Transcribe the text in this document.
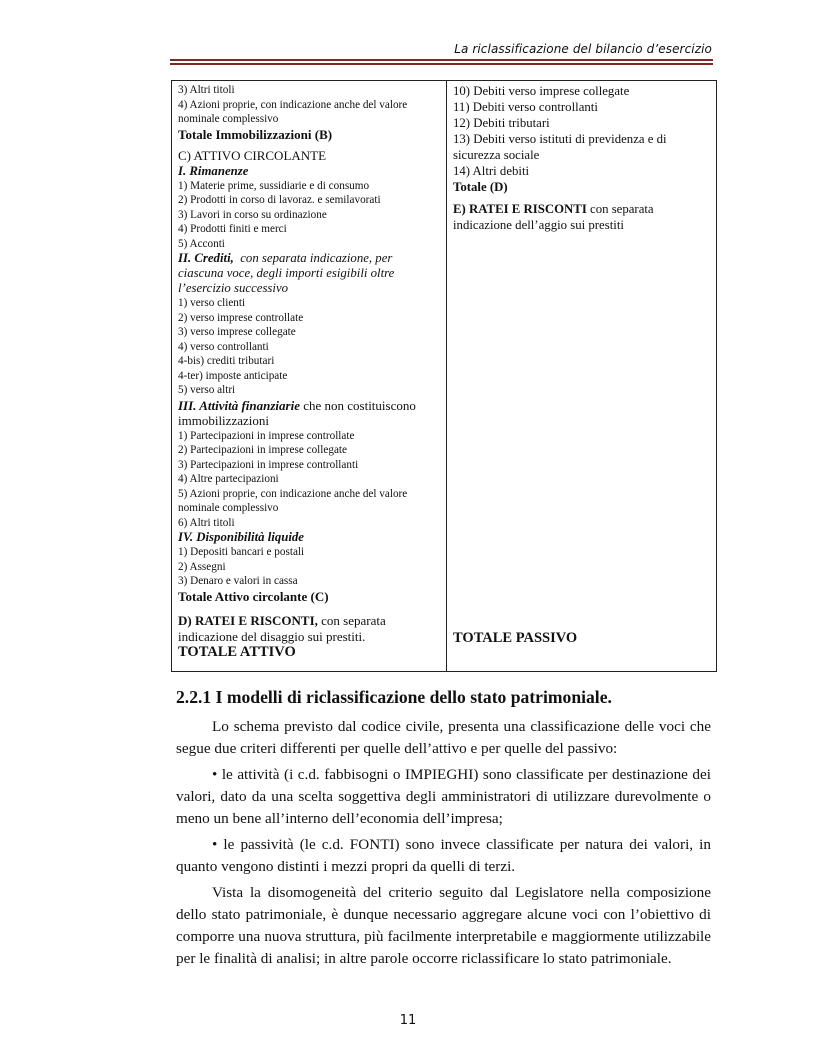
La riclassificazione del bilancio d’esercizio
3) Altri titoli
4) Azioni proprie, con indicazione anche del valore
nominale complessivo
Totale Immobilizzazioni (B)
C) ATTIVO CIRCOLANTE
I. Rimanenze
1) Materie prime, sussidiarie e di consumo
2) Prodotti in corso di lavoraz. e semilavorati
3) Lavori in corso su ordinazione
4) Prodotti finiti e merci
5) Acconti
II. Crediti, con separata indicazione, per
ciascuna voce, degli importi esigibili oltre
l’esercizio successivo
1) verso clienti
2) verso imprese controllate
3) verso imprese collegate
4) verso controllanti
4-bis) crediti tributari
4-ter) imposte anticipate
5) verso altri
III. Attività finanziarie che non costituiscono
immobilizzazioni
1) Partecipazioni in imprese controllate
2) Partecipazioni in imprese collegate
3) Partecipazioni in imprese controllanti
4) Altre partecipazioni
5) Azioni proprie, con indicazione anche del valore
nominale complessivo
6) Altri titoli
IV. Disponibilità liquide
1) Depositi bancari e postali
2) Assegni
3) Denaro e valori in cassa
Totale Attivo circolante (C)
D) RATEI E RISCONTI, con separata
indicazione del disaggio sui prestiti.
TOTALE ATTIVO
10) Debiti verso imprese collegate
11) Debiti verso controllanti
12) Debiti tributari
13) Debiti verso istituti di previdenza e di
sicurezza sociale
14) Altri debiti
Totale (D)
E) RATEI E RISCONTI con separata
indicazione dell’aggio sui prestiti
TOTALE PASSIVO
2.2.1 I modelli di riclassificazione dello stato patrimoniale.

Lo schema previsto dal codice civile, presenta una classificazione delle voci che segue due criteri differenti per quelle dell’attivo e per quelle del passivo:

• le attività (i c.d. fabbisogni o IMPIEGHI) sono classificate per destinazione dei valori, dato da una scelta soggettiva degli amministratori di utilizzare durevolmente o meno un bene all’interno dell’economia dell’impresa;

• le passività (le c.d. FONTI) sono invece classificate per natura dei valori, in quanto vengono distinti i mezzi propri da quelli di terzi.

Vista la disomogeneità del criterio seguito dal Legislatore nella composizione dello stato patrimoniale, è dunque necessario aggregare alcune voci con l’obiettivo di comporre una nuova struttura, più facilmente interpretabile e maggiormente utilizzabile per le finalità di analisi; in altre parole occorre riclassificare lo stato patrimoniale.

11
